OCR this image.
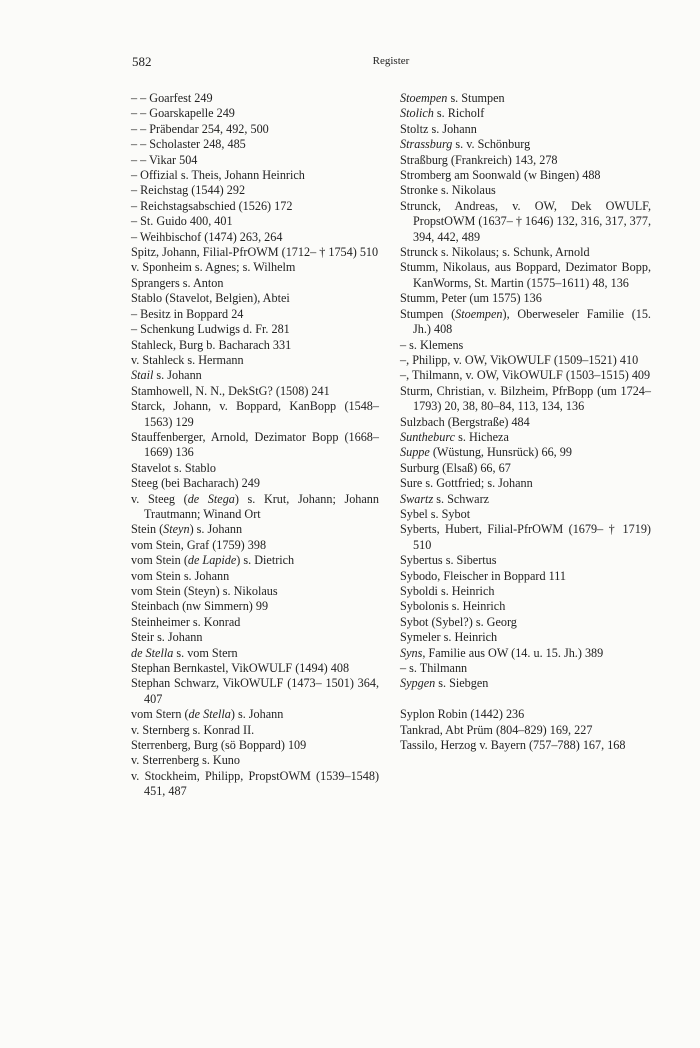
582	Register

– – Goarfest 249

– – Goarskapelle 249

– – Präbendar 254, 492, 500

– – Scholaster 248, 485

– – Vikar 504

– Offizial s. Theis, Johann Heinrich

– Reichstag (1544) 292

– Reichstagsabschied (1526) 172

– St. Guido 400, 401

– Weihbischof (1474) 263, 264

Spitz, Johann, Filial-PfrOWM (1712– † 1754) 510

v. Sponheim s. Agnes; s. Wilhelm

Sprangers s. Anton

Stablo (Stavelot, Belgien), Abtei

– Besitz in Boppard 24

– Schenkung Ludwigs d. Fr. 281

Stahleck, Burg b. Bacharach 331

v. Stahleck s. Hermann

Stail s. Johann

Stamhowell, N. N., DekStG? (1508) 241

Starck, Johann, v. Boppard, KanBopp (1548–1563) 129

Stauffenberger, Arnold, Dezimator Bopp (1668–1669) 136

Stavelot s. Stablo

Steeg (bei Bacharach) 249

v. Steeg (de Stega) s. Krut, Johann; Johann Trautmann; Winand Ort

Stein (Steyn) s. Johann

vom Stein, Graf (1759) 398

vom Stein (de Lapide) s. Dietrich

vom Stein s. Johann

vom Stein (Steyn) s. Nikolaus

Steinbach (nw Simmern) 99

Steinheimer s. Konrad

Steir s. Johann

de Stella s. vom Stern

Stephan Bernkastel, VikOWULF (1494) 408

Stephan Schwarz, VikOWULF (1473– 1501) 364, 407

vom Stern (de Stella) s. Johann

v. Sternberg s. Konrad II.

Sterrenberg, Burg (sö Boppard) 109

v. Sterrenberg s. Kuno

v. Stockheim, Philipp, PropstOWM (1539–1548) 451, 487

Stoempen s. Stumpen

Stolich s. Richolf

Stoltz s. Johann

Strassburg s. v. Schönburg

Straßburg (Frankreich) 143, 278

Stromberg am Soonwald (w Bingen) 488

Stronke s. Nikolaus

Strunck, Andreas, v. OW, Dek OWULF, PropstOWM (1637– † 1646) 132, 316, 317, 377, 394, 442, 489

Strunck s. Nikolaus; s. Schunk, Arnold

Stumm, Nikolaus, aus Boppard, Dezimator Bopp, KanWorms, St. Martin (1575–1611) 48, 136

Stumm, Peter (um 1575) 136

Stumpen (Stoempen), Oberweseler Familie (15. Jh.) 408

– s. Klemens

–, Philipp, v. OW, VikOWULF (1509–1521) 410

–, Thilmann, v. OW, VikOWULF (1503–1515) 409

Sturm, Christian, v. Bilzheim, PfrBopp (um 1724–1793) 20, 38, 80–84, 113, 134, 136

Sulzbach (Bergstraße) 484

Suntheburc s. Hicheza

Suppe (Wüstung, Hunsrück) 66, 99

Surburg (Elsaß) 66, 67

Sure s. Gottfried; s. Johann

Swartz s. Schwarz

Sybel s. Sybot

Syberts, Hubert, Filial-PfrOWM (1679– † 1719) 510

Sybertus s. Sibertus

Sybodo, Fleischer in Boppard 111

Syboldi s. Heinrich

Sybolonis s. Heinrich

Sybot (Sybel?) s. Georg

Symeler s. Heinrich

Syns, Familie aus OW (14. u. 15. Jh.) 389

– s. Thilmann

Sypgen s. Siebgen

Syplon Robin (1442) 236

Tankrad, Abt Prüm (804–829) 169, 227

Tassilo, Herzog v. Bayern (757–788) 167, 168
